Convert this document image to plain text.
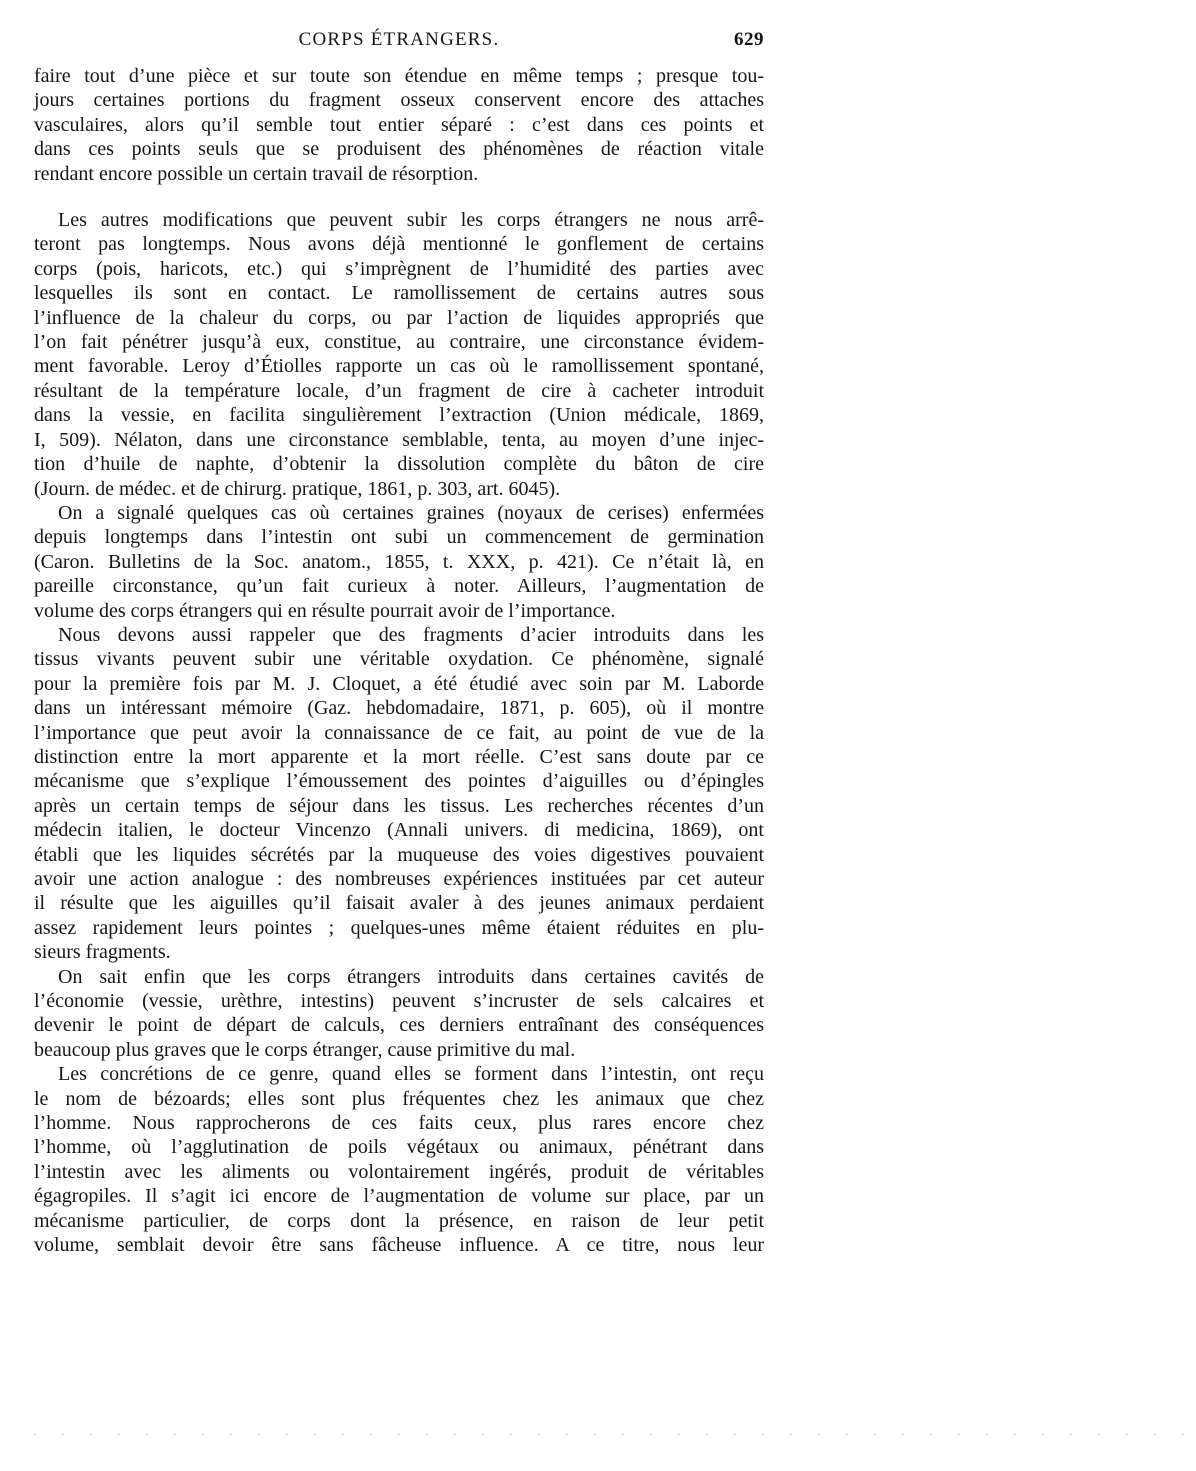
CORPS ÉTRANGERS.	629
faire tout d’une pièce et sur toute son étendue en même temps ; presque tou-
jours certaines portions du fragment osseux conservent encore des attaches
vasculaires, alors qu’il semble tout entier séparé : c’est dans ces points et
dans ces points seuls que se produisent des phénomènes de réaction vitale
rendant encore possible un certain travail de résorption.
Les autres modifications que peuvent subir les corps étrangers ne nous arrê-
teront pas longtemps. Nous avons déjà mentionné le gonflement de certains
corps (pois, haricots, etc.) qui s’imprègnent de l’humidité des parties avec
lesquelles ils sont en contact. Le ramollissement de certains autres sous
l’influence de la chaleur du corps, ou par l’action de liquides appropriés que
l’on fait pénétrer jusqu’à eux, constitue, au contraire, une circonstance évidem-
ment favorable. Leroy d’Étiolles rapporte un cas où le ramollissement spontané,
résultant de la température locale, d’un fragment de cire à cacheter introduit
dans la vessie, en facilita singulièrement l’extraction (Union médicale, 1869,
I, 509). Nélaton, dans une circonstance semblable, tenta, au moyen d’une injec-
tion d’huile de naphte, d’obtenir la dissolution complète du bâton de cire
(Journ. de médec. et de chirurg. pratique, 1861, p. 303, art. 6045).
On a signalé quelques cas où certaines graines (noyaux de cerises) enfermées
depuis longtemps dans l’intestin ont subi un commencement de germination
(Caron. Bulletins de la Soc. anatom., 1855, t. XXX, p. 421). Ce n’était là, en
pareille circonstance, qu’un fait curieux à noter. Ailleurs, l’augmentation de
volume des corps étrangers qui en résulte pourrait avoir de l’importance.
Nous devons aussi rappeler que des fragments d’acier introduits dans les
tissus vivants peuvent subir une véritable oxydation. Ce phénomène, signalé
pour la première fois par M. J. Cloquet, a été étudié avec soin par M. Laborde
dans un intéressant mémoire (Gaz. hebdomadaire, 1871, p. 605), où il montre
l’importance que peut avoir la connaissance de ce fait, au point de vue de la
distinction entre la mort apparente et la mort réelle. C’est sans doute par ce
mécanisme que s’explique l’émoussement des pointes d’aiguilles ou d’épingles
après un certain temps de séjour dans les tissus. Les recherches récentes d’un
médecin italien, le docteur Vincenzo (Annali univers. di medicina, 1869), ont
établi que les liquides sécrétés par la muqueuse des voies digestives pouvaient
avoir une action analogue : des nombreuses expériences instituées par cet auteur
il résulte que les aiguilles qu’il faisait avaler à des jeunes animaux perdaient
assez rapidement leurs pointes ; quelques-unes même étaient réduites en plu-
sieurs fragments.
On sait enfin que les corps étrangers introduits dans certaines cavités de
l’économie (vessie, urèthre, intestins) peuvent s’incruster de sels calcaires et
devenir le point de départ de calculs, ces derniers entraînant des conséquences
beaucoup plus graves que le corps étranger, cause primitive du mal.
Les concrétions de ce genre, quand elles se forment dans l’intestin, ont reçu
le nom de bézoards; elles sont plus fréquentes chez les animaux que chez
l’homme. Nous rapprocherons de ces faits ceux, plus rares encore chez
l’homme, où l’agglutination de poils végétaux ou animaux, pénétrant dans
l’intestin avec les aliments ou volontairement ingérés, produit de véritables
égagropiles. Il s’agit ici encore de l’augmentation de volume sur place, par un
mécanisme particulier, de corps dont la présence, en raison de leur petit
volume, semblait devoir être sans fâcheuse influence. A ce titre, nous leur
. . . . . . . . . . . . . . . . . . . . . . . . . . . . . . . . . . . . . . . . . .
